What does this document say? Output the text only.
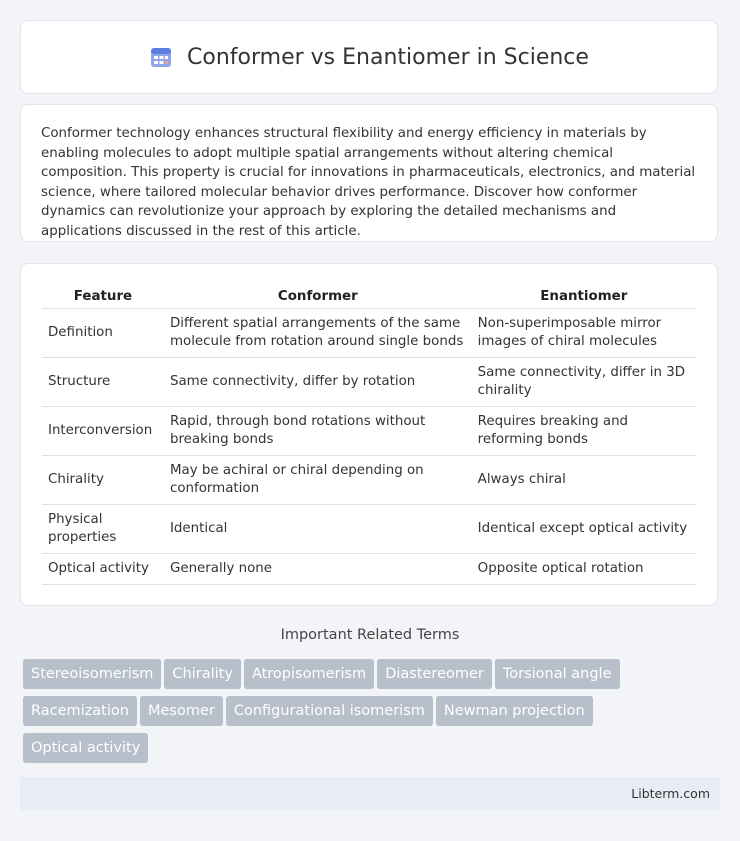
Conformer vs Enantiomer in Science

Conformer technology enhances structural flexibility and energy efficiency in materials by enabling molecules to adopt multiple spatial arrangements without altering chemical composition. This property is crucial for innovations in pharmaceuticals, electronics, and material science, where tailored molecular behavior drives performance. Discover how conformer dynamics can revolutionize your approach by exploring the detailed mechanisms and applications discussed in the rest of this article.

Feature	Conformer	Enantiomer
Definition	Different spatial arrangements of the same molecule from rotation around single bonds	Non-superimposable mirror images of chiral molecules
Structure	Same connectivity, differ by rotation	Same connectivity, differ in 3D chirality
Interconversion	Rapid, through bond rotations without breaking bonds	Requires breaking and reforming bonds
Chirality	May be achiral or chiral depending on conformation	Always chiral
Physical properties	Identical	Identical except optical activity
Optical activity	Generally none	Opposite optical rotation
Important Related Terms
Stereoisomerism Chirality Atropisomerism Diastereomer Torsional angle
Racemization Mesomer Configurational isomerism Newman projection
Optical activity
Libterm.com
